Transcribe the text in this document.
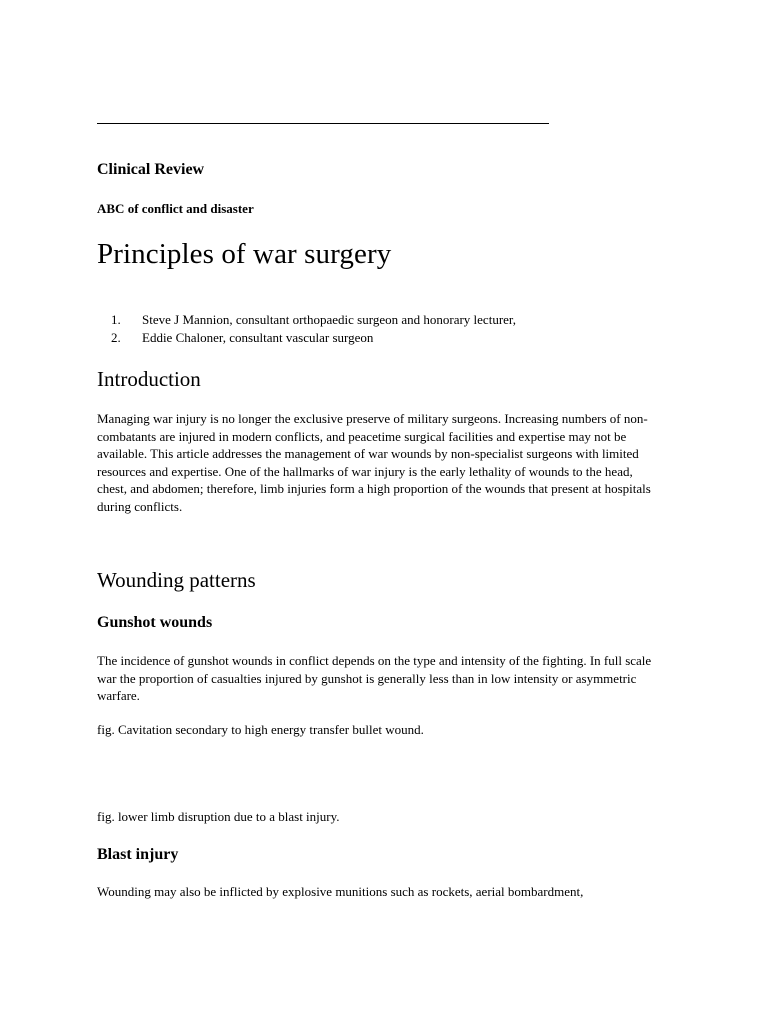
Clinical Review

ABC of conflict and disaster

Principles of war surgery
1.	Steve J Mannion, consultant orthopaedic surgeon and honorary lecturer,
2.	Eddie Chaloner, consultant vascular surgeon
Introduction

Managing war injury is no longer the exclusive preserve of military surgeons. Increasing numbers of non-combatants are injured in modern conflicts, and peacetime surgical facilities and expertise may not be available. This article addresses the management of war wounds by non-specialist surgeons with limited resources and expertise. One of the hallmarks of war injury is the early lethality of wounds to the head, chest, and abdomen; therefore, limb injuries form a high proportion of the wounds that present at hospitals during conflicts.

Wounding patterns
Gunshot wounds

The incidence of gunshot wounds in conflict depends on the type and intensity of the fighting. In full scale war the proportion of casualties injured by gunshot is generally less than in low intensity or asymmetric warfare.

fig. Cavitation secondary to high energy transfer bullet wound.

fig. lower limb disruption due to a blast injury.

Blast injury

Wounding may also be inflicted by explosive munitions such as rockets, aerial bombardment,
